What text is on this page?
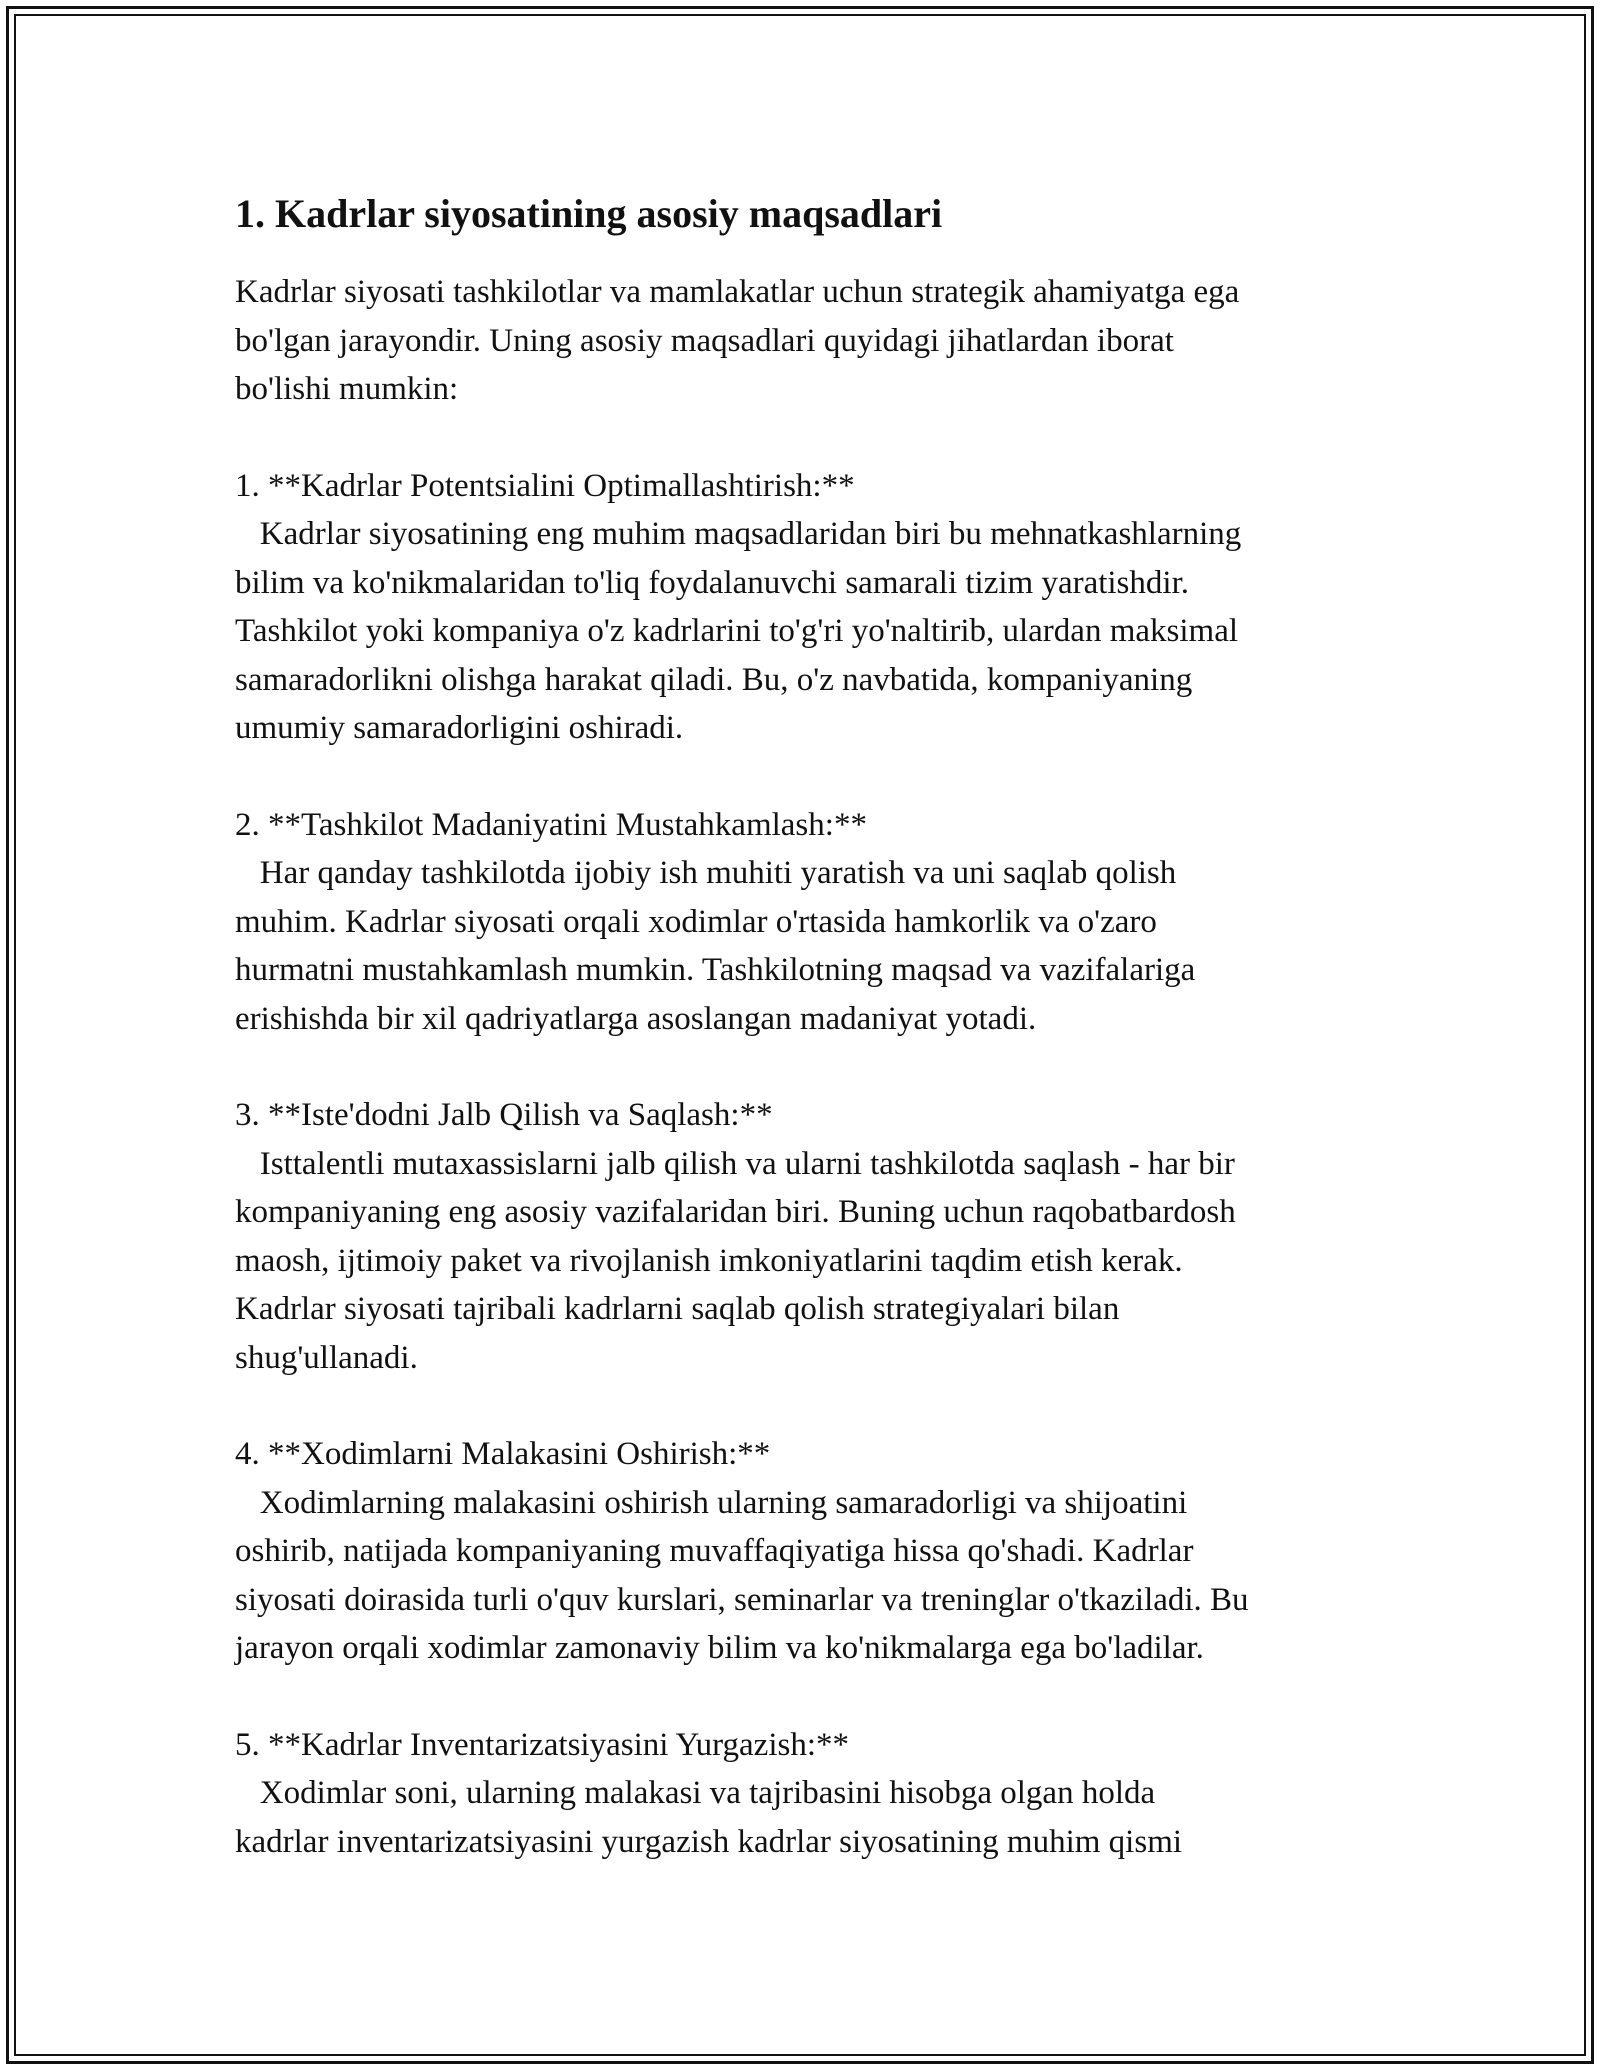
1. Kadrlar siyosatining asosiy maqsadlari

Kadrlar siyosati tashkilotlar va mamlakatlar uchun strategik ahamiyatga ega
bo'lgan jarayondir. Uning asosiy maqsadlari quyidagi jihatlardan iborat
bo'lishi mumkin:

1. **Kadrlar Potentsialini Optimallashtirish:**

Kadrlar siyosatining eng muhim maqsadlaridan biri bu mehnatkashlarning
bilim va ko'nikmalaridan to'liq foydalanuvchi samarali tizim yaratishdir.
Tashkilot yoki kompaniya o'z kadrlarini to'g'ri yo'naltirib, ulardan maksimal
samaradorlikni olishga harakat qiladi. Bu, o'z navbatida, kompaniyaning
umumiy samaradorligini oshiradi.

2. **Tashkilot Madaniyatini Mustahkamlash:**

Har qanday tashkilotda ijobiy ish muhiti yaratish va uni saqlab qolish
muhim. Kadrlar siyosati orqali xodimlar o'rtasida hamkorlik va o'zaro
hurmatni mustahkamlash mumkin. Tashkilotning maqsad va vazifalariga
erishishda bir xil qadriyatlarga asoslangan madaniyat yotadi.

3. **Iste'dodni Jalb Qilish va Saqlash:**

Isttalentli mutaxassislarni jalb qilish va ularni tashkilotda saqlash - har bir
kompaniyaning eng asosiy vazifalaridan biri. Buning uchun raqobatbardosh
maosh, ijtimoiy paket va rivojlanish imkoniyatlarini taqdim etish kerak.
Kadrlar siyosati tajribali kadrlarni saqlab qolish strategiyalari bilan
shug'ullanadi.

4. **Xodimlarni Malakasini Oshirish:**

Xodimlarning malakasini oshirish ularning samaradorligi va shijoatini
oshirib, natijada kompaniyaning muvaffaqiyatiga hissa qo'shadi. Kadrlar
siyosati doirasida turli o'quv kurslari, seminarlar va treninglar o'tkaziladi. Bu
jarayon orqali xodimlar zamonaviy bilim va ko'nikmalarga ega bo'ladilar.

5. **Kadrlar Inventarizatsiyasini Yurgazish:**

Xodimlar soni, ularning malakasi va tajribasini hisobga olgan holda
kadrlar inventarizatsiyasini yurgazish kadrlar siyosatining muhim qismi
